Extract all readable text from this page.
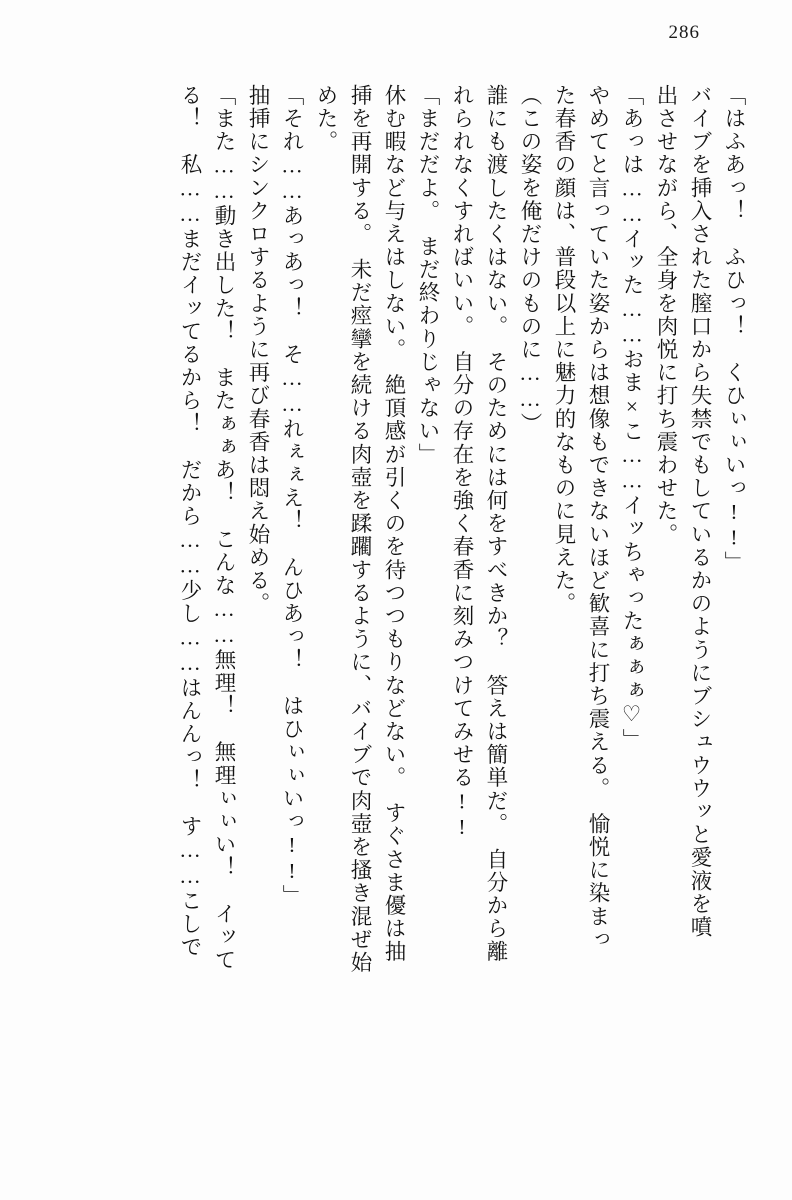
286
「はふあっ！　ふひっ！　くひぃぃいっ!!」
バイブを挿入された膣口から失禁でもしているかのようにブシュウウッと愛液を噴
出させながら、全身を肉悦に打ち震わせた。
「あっは……イッた……おま×こ……イッちゃったぁぁぁ♡」
やめてと言っていた姿からは想像もできないほど歓喜に打ち震える。　愉悦に染まっ
た春香の顔は、普段以上に魅力的なものに見えた。
（この姿を俺だけのものに……）
誰にも渡したくはない。　そのためには何をすべきか？　答えは簡単だ。　自分から離
れられなくすればいい。　自分の存在を強く春香に刻みつけてみせる!!
「まだだよ。　まだ終わりじゃない」
休む暇など与えはしない。　絶頂感が引くのを待つつもりなどない。　すぐさま優は抽
挿を再開する。　未だ痙攣を続ける肉壺を蹂躙するように、バイブで肉壺を搔き混ぜ始
めた。
「それ……あっあっ！　そ……れぇぇえ！　んひあっ！　はひぃぃいっ!!」
抽挿にシンクロするように再び春香は悶え始める。
「また……動き出した！　またぁぁあ！　こんな……無理！　無理ぃぃい！　イッて
る！　私……まだイッてるから！　だから……少し……はんんっ！　す……こしで
